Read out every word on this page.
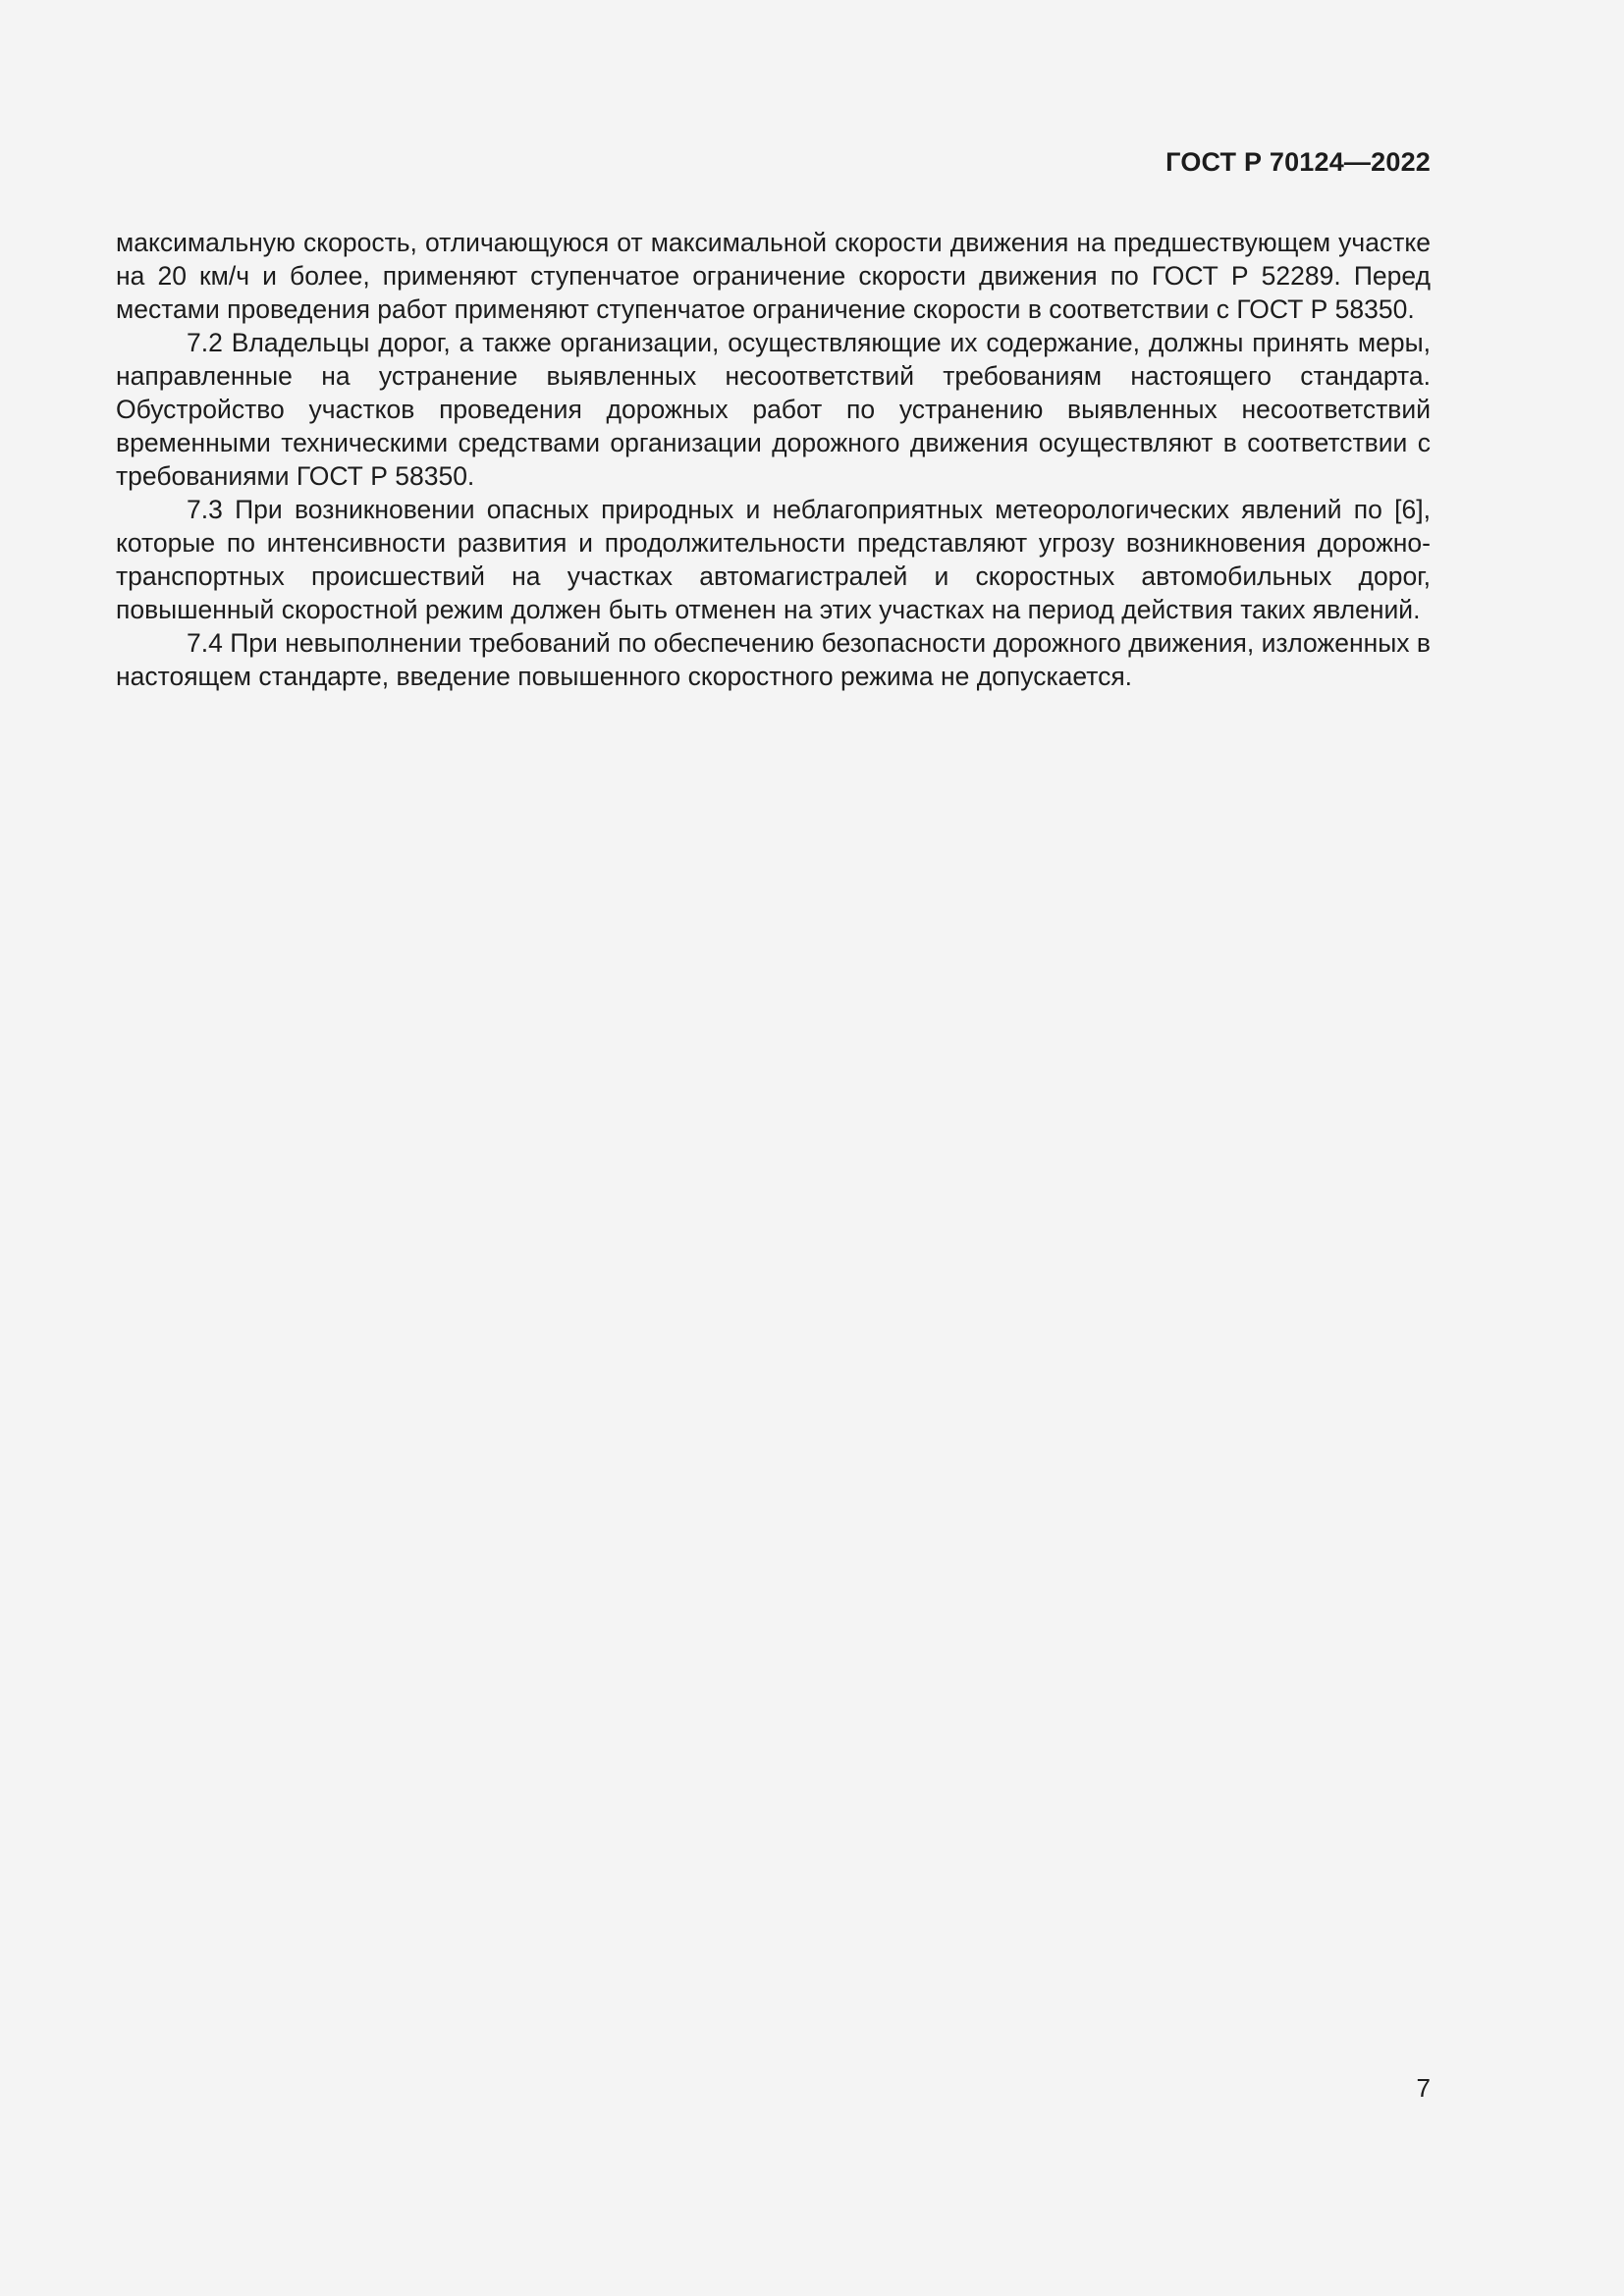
ГОСТ Р 70124—2022

максимальную скорость, отличающуюся от максимальной скорости движения на предшествующем участке на 20 км/ч и более, применяют ступенчатое ограничение скорости движения по ГОСТ Р 52289. Перед местами проведения работ применяют ступенчатое ограничение скорости в соответствии с ГОСТ Р 58350.

7.2 Владельцы дорог, а также организации, осуществляющие их содержание, должны принять меры, направленные на устранение выявленных несоответствий требованиям настоящего стандарта. Обустройство участков проведения дорожных работ по устранению выявленных несоответствий временными техническими средствами организации дорожного движения осуществляют в соответствии с требованиями ГОСТ Р 58350.

7.3 При возникновении опасных природных и неблагоприятных метеорологических явлений по [6], которые по интенсивности развития и продолжительности представляют угрозу возникновения дорожно-транспортных происшествий на участках автомагистралей и скоростных автомобильных дорог, повышенный скоростной режим должен быть отменен на этих участках на период действия таких явлений.

7.4 При невыполнении требований по обеспечению безопасности дорожного движения, изложенных в настоящем стандарте, введение повышенного скоростного режима не допускается.

7
